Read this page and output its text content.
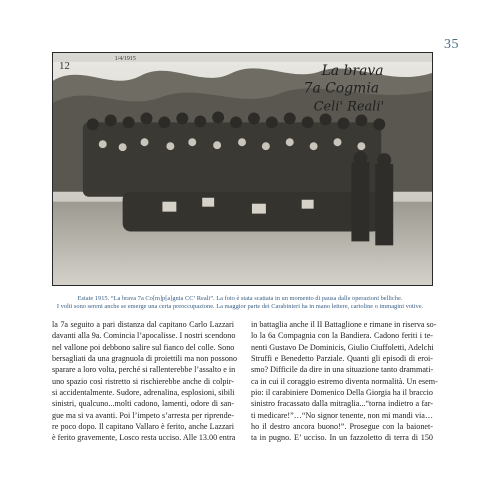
35
12
1/4/1915
La brava
7a Cogmia
Celi' Reali'

Estate 1915. “La brava 7a Co[m]p[a]gnia CC’ Reali”. La foto è stata scattata in un momento di pausa dalle operazioni belliche.

I volti sono sereni anche se emerge una certa preoccupazione. La maggior parte dei Carabinieri ha in mano lettere, cartoline o immagini votive.

la 7a seguito a pari distanza dal capitano Carlo Lazzari
davanti alla 9a. Comincia l’apocalisse. I nostri scendono
nel vallone poi debbono salire sul fianco del colle. Sono
bersagliati da una gragnuola di proiettili ma non possono
sparare a loro volta, perché si rallenterebbe l’assalto e in
uno spazio così ristretto si rischierebbe anche di colpir-
si accidentalmente. Sudore, adrenalina, esplosioni, sibili
sinistri, qualcuno...molti cadono, lamenti, odore di san-
gue ma si va avanti. Poi l’impeto s’arresta per riprende-
re poco dopo. Il capitano Vallaro è ferito, anche Lazzari
è ferito gravemente, Losco resta ucciso. Alle 13.00 entra
in battaglia anche il II Battaglione e rimane in riserva so-
lo la 6a Compagnia con la Bandiera. Cadono feriti i te-
nenti Gustavo De Dominicis, Giulio Ciuffoletti, Adelchi
Struffi e Benedetto Parziale. Quanti gli episodi di eroi-
smo? Difficile da dire in una situazione tanto drammati-
ca in cui il coraggio estremo diventa normalità. Un esem-
pio: il carabiniere Domenico Della Giorgia ha il braccio
sinistro fracassato dalla mitraglia...“torna indietro a far-
ti medicare!”…“No signor tenente, non mi mandi via…
ho il destro ancora buono!”. Prosegue con la baionet-
ta in pugno. E’ ucciso. In un fazzoletto di terra di 150
